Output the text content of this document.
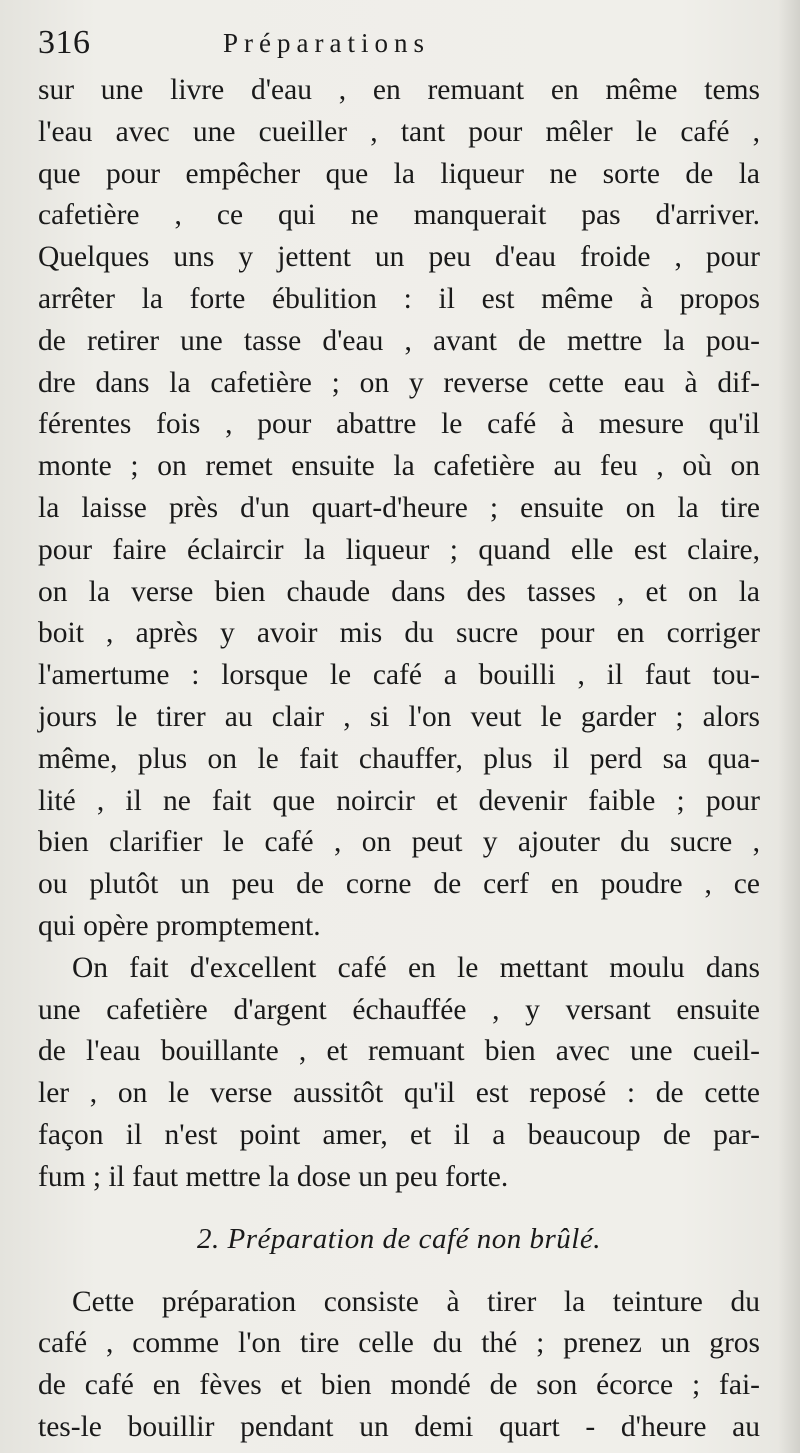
316	Préparations

sur une livre d'eau , en remuant en même tems
l'eau avec une cueiller , tant pour mêler le café ,
que pour empêcher que la liqueur ne sorte de la
cafetière , ce qui ne manquerait pas d'arriver.
Quelques uns y jettent un peu d'eau froide , pour
arrêter la forte ébulition : il est même à propos
de retirer une tasse d'eau , avant de mettre la pou-
dre dans la cafetière ; on y reverse cette eau à dif-
férentes fois , pour abattre le café à mesure qu'il
monte ; on remet ensuite la cafetière au feu , où on
la laisse près d'un quart-d'heure ; ensuite on la tire
pour faire éclaircir la liqueur ; quand elle est claire,
on la verse bien chaude dans des tasses , et on la
boit , après y avoir mis du sucre pour en corriger
l'amertume : lorsque le café a bouilli , il faut tou-
jours le tirer au clair , si l'on veut le garder ; alors
même, plus on le fait chauffer, plus il perd sa qua-
lité , il ne fait que noircir et devenir faible ; pour
bien clarifier le café , on peut y ajouter du sucre ,
ou plutôt un peu de corne de cerf en poudre , ce
qui opère promptement.

On fait d'excellent café en le mettant moulu dans
une cafetière d'argent échauffée , y versant ensuite
de l'eau bouillante , et remuant bien avec une cueil-
ler , on le verse aussitôt qu'il est reposé : de cette
façon il n'est point amer, et il a beaucoup de par-
fum ; il faut mettre la dose un peu forte.

2. Préparation de café non brûlé.

Cette préparation consiste à tirer la teinture du
café , comme l'on tire celle du thé ; prenez un gros
de café en fèves et bien mondé de son écorce ; fai-
tes-le bouillir pendant un demi quart - d'heure au
